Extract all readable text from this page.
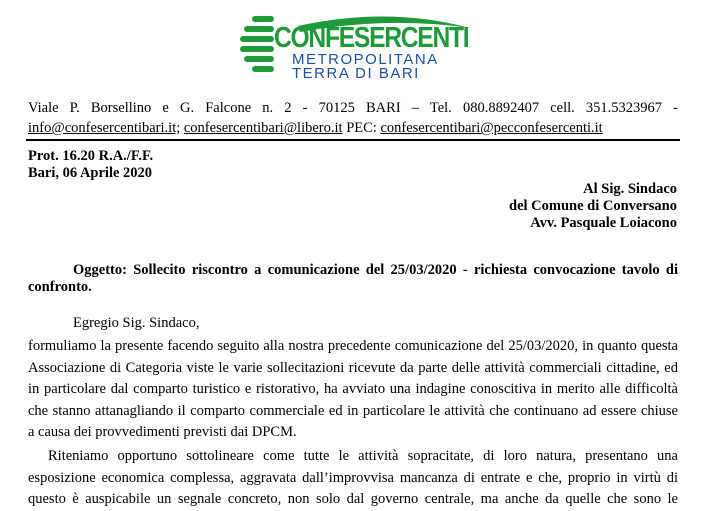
CONFESERCENTI
METROPOLITANA
TERRA DI BARI
Viale P. Borsellino e G. Falcone n. 2 - 70125 BARI – Tel. 080.8892407 cell. 351.5323967 -
info@confesercentibari.it; confesercentibari@libero.it PEC: confesercentibari@pecconfesercenti.it
Prot. 16.20 R.A./F.F.
Bari, 06 Aprile 2020
Al Sig. Sindaco
del Comune di Conversano
Avv. Pasquale Loiacono
Oggetto: Sollecito riscontro a comunicazione del 25/03/2020 - richiesta convocazione tavolo di
confronto.
Egregio Sig. Sindaco,
formuliamo la presente facendo seguito alla nostra precedente comunicazione del 25/03/2020, in quanto questa
Associazione di Categoria viste le varie sollecitazioni ricevute da parte delle attività commerciali cittadine, ed
in particolare dal comparto turistico e ristorativo, ha avviato una indagine conoscitiva in merito alle difficoltà
che stanno attanagliando il comparto commerciale ed in particolare le attività che continuano ad essere chiuse
a causa dei provvedimenti previsti dai DPCM.
Riteniamo opportuno sottolineare come tutte le attività sopracitate, di loro natura, presentano una
esposizione economica complessa, aggravata dall’improvvisa mancanza di entrate e che, proprio in virtù di
questo è auspicabile un segnale concreto, non solo dal governo centrale, ma anche da quelle che sono le
